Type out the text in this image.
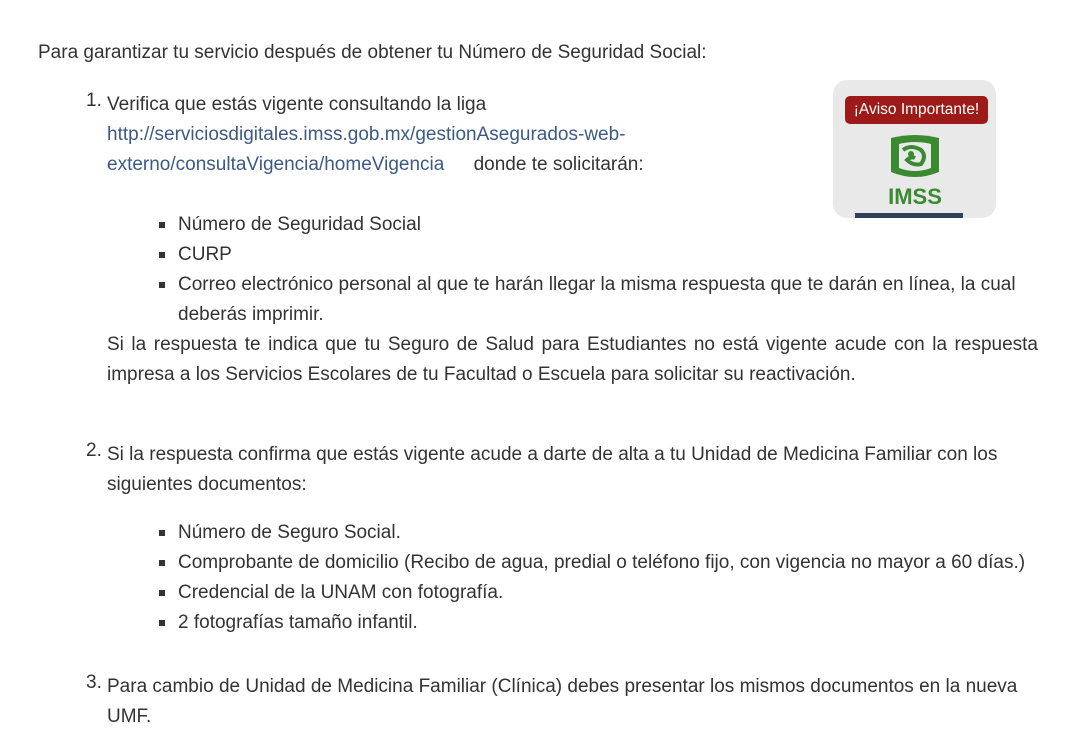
Para garantizar tu servicio después de obtener tu Número de Seguridad Social:
1. Verifica que estás vigente consultando la liga
http://serviciosdigitales.imss.gob.mx/gestionAsegurados-web-
externo/consultaVigencia/homeVigencia donde te solicitarán:
Número de Seguridad Social
CURP
Correo electrónico personal al que te harán llegar la misma respuesta que te darán en línea, la cual deberás imprimir.
Si la respuesta te indica que tu Seguro de Salud para Estudiantes no está vigente acude con la respuesta impresa a los Servicios Escolares de tu Facultad o Escuela para solicitar su reactivación.
2. Si la respuesta confirma que estás vigente acude a darte de alta a tu Unidad de Medicina Familiar con los siguientes documentos:
Número de Seguro Social.
Comprobante de domicilio (Recibo de agua, predial o teléfono fijo, con vigencia no mayor a 60 días.)
Credencial de la UNAM con fotografía.
2 fotografías tamaño infantil.
3. Para cambio de Unidad de Medicina Familiar (Clínica) debes presentar los mismos documentos en la nueva UMF.
¡Aviso Importante!
IMSS
